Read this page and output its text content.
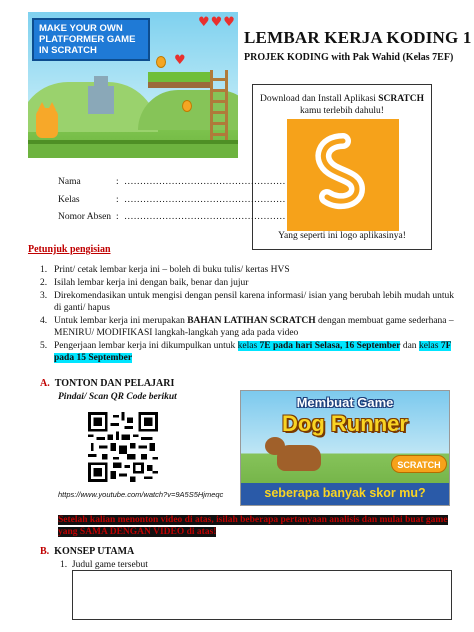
♥
♥♥♥
MAKE YOUR OWN PLATFORMER GAME IN SCRATCH
LEMBAR KERJA KODING 1
PROJEK KODING with Pak Wahid (Kelas 7EF)
Download dan Install Aplikasi SCRATCH
kamu terlebih dahulu!
Yang seperti ini logo aplikasinya!
Nama	: ……………………………………………
Kelas	: ……………………………………………
Nomor Absen : ……………………………………………
Petunjuk pengisian
1. Print/ cetak lembar kerja ini – boleh di buku tulis/ kertas HVS
2. Isilah lembar kerja ini dengan baik, benar dan jujur
3. Direkomendasikan untuk mengisi dengan pensil karena informasi/ isian yang berubah lebih mudah untuk di ganti/ hapus
4. Untuk lembar kerja ini merupakan BAHAN LATIHAN SCRATCH dengan membuat game sederhana – MENIRU/ MODIFIKASI langkah-langkah yang ada pada video
5. Pengerjaan lembar kerja ini dikumpulkan untuk kelas 7E pada hari Selasa, 16 September dan kelas 7F pada 15 September
A. TONTON DAN PELAJARI
Pindai/ Scan QR Code berikut
https://www.youtube.com/watch?v=9A5S5Hjmeqc
Membuat Game
Dog Runner
SCRATCH
seberapa banyak skor mu?
Setelah kalian menonton video di atas, isilah beberapa pertanyaan analisis dan mulai buat game yang SAMA DENGAN VIDEO di atas!
B. KONSEP UTAMA
1. Judul game tersebut
